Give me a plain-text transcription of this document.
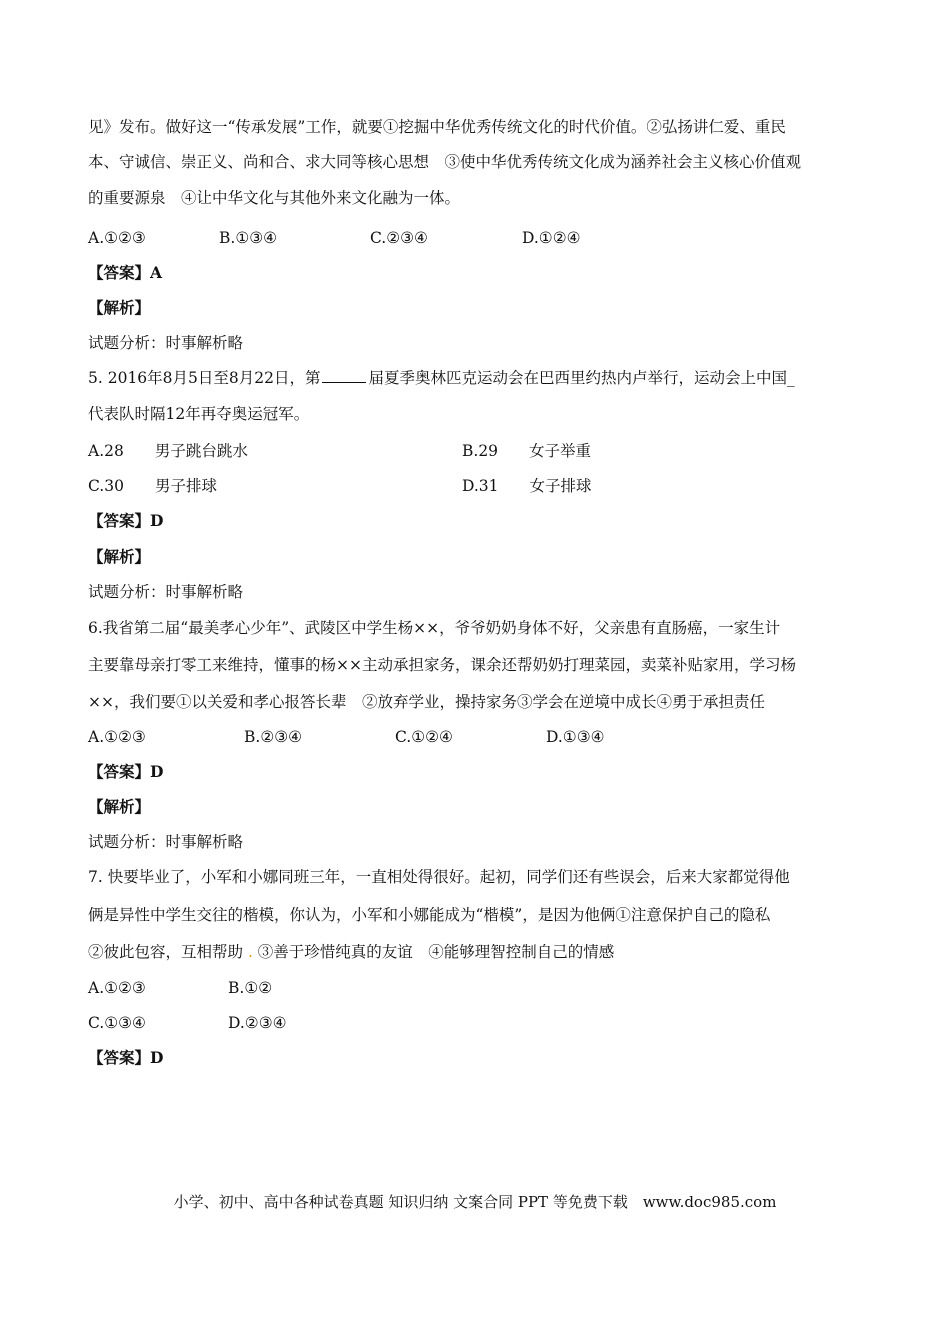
见》发布。做好这一“传承发展”工作，就要①挖掘中华优秀传统文化的时代价值。②弘扬讲仁爱、重民
本、守诚信、崇正义、尚和合、求大同等核心思想　③使中华优秀传统文化成为涵养社会主义核心价值观
的重要源泉　④让中华文化与其他外来文化融为一体。
A.①②③	B.①③④	C.②③④	D.①②④
【答案】A
【解析】
试题分析：时事解析略
5. 2016年8月5日至8月22日，第	届夏季奥林匹克运动会在巴西里约热内卢举行，运动会上中国_
代表队时隔12年再夺奥运冠军。
A.28　　男子跳台跳水	B.29　　女子举重
C.30　　男子排球	D.31　　女子排球
【答案】D
【解析】
试题分析：时事解析略
6.我省第二届“最美孝心少年”、武陵区中学生杨××，爷爷奶奶身体不好，父亲患有直肠癌，一家生计
主要靠母亲打零工来维持，懂事的杨××主动承担家务，课余还帮奶奶打理菜园，卖菜补贴家用，学习杨
××，我们要①以关爱和孝心报答长辈　②放弃学业，操持家务③学会在逆境中成长④勇于承担责任
A.①②③	B.②③④	C.①②④	D.①③④
【答案】D
【解析】
试题分析：时事解析略
7. 快要毕业了，小军和小娜同班三年，一直相处得很好。起初，同学们还有些误会，后来大家都觉得他
俩是异性中学生交往的楷模，你认为，小军和小娜能成为“楷模”，是因为他俩①注意保护自己的隐私
②彼此包容，互相帮助 . ③善于珍惜纯真的友谊　④能够理智控制自己的情感
A.①②③	B.①②
C.①③④	D.②③④
【答案】D
小学、初中、高中各种试卷真题 知识归纳 文案合同 PPT 等免费下载　www.doc985.com
